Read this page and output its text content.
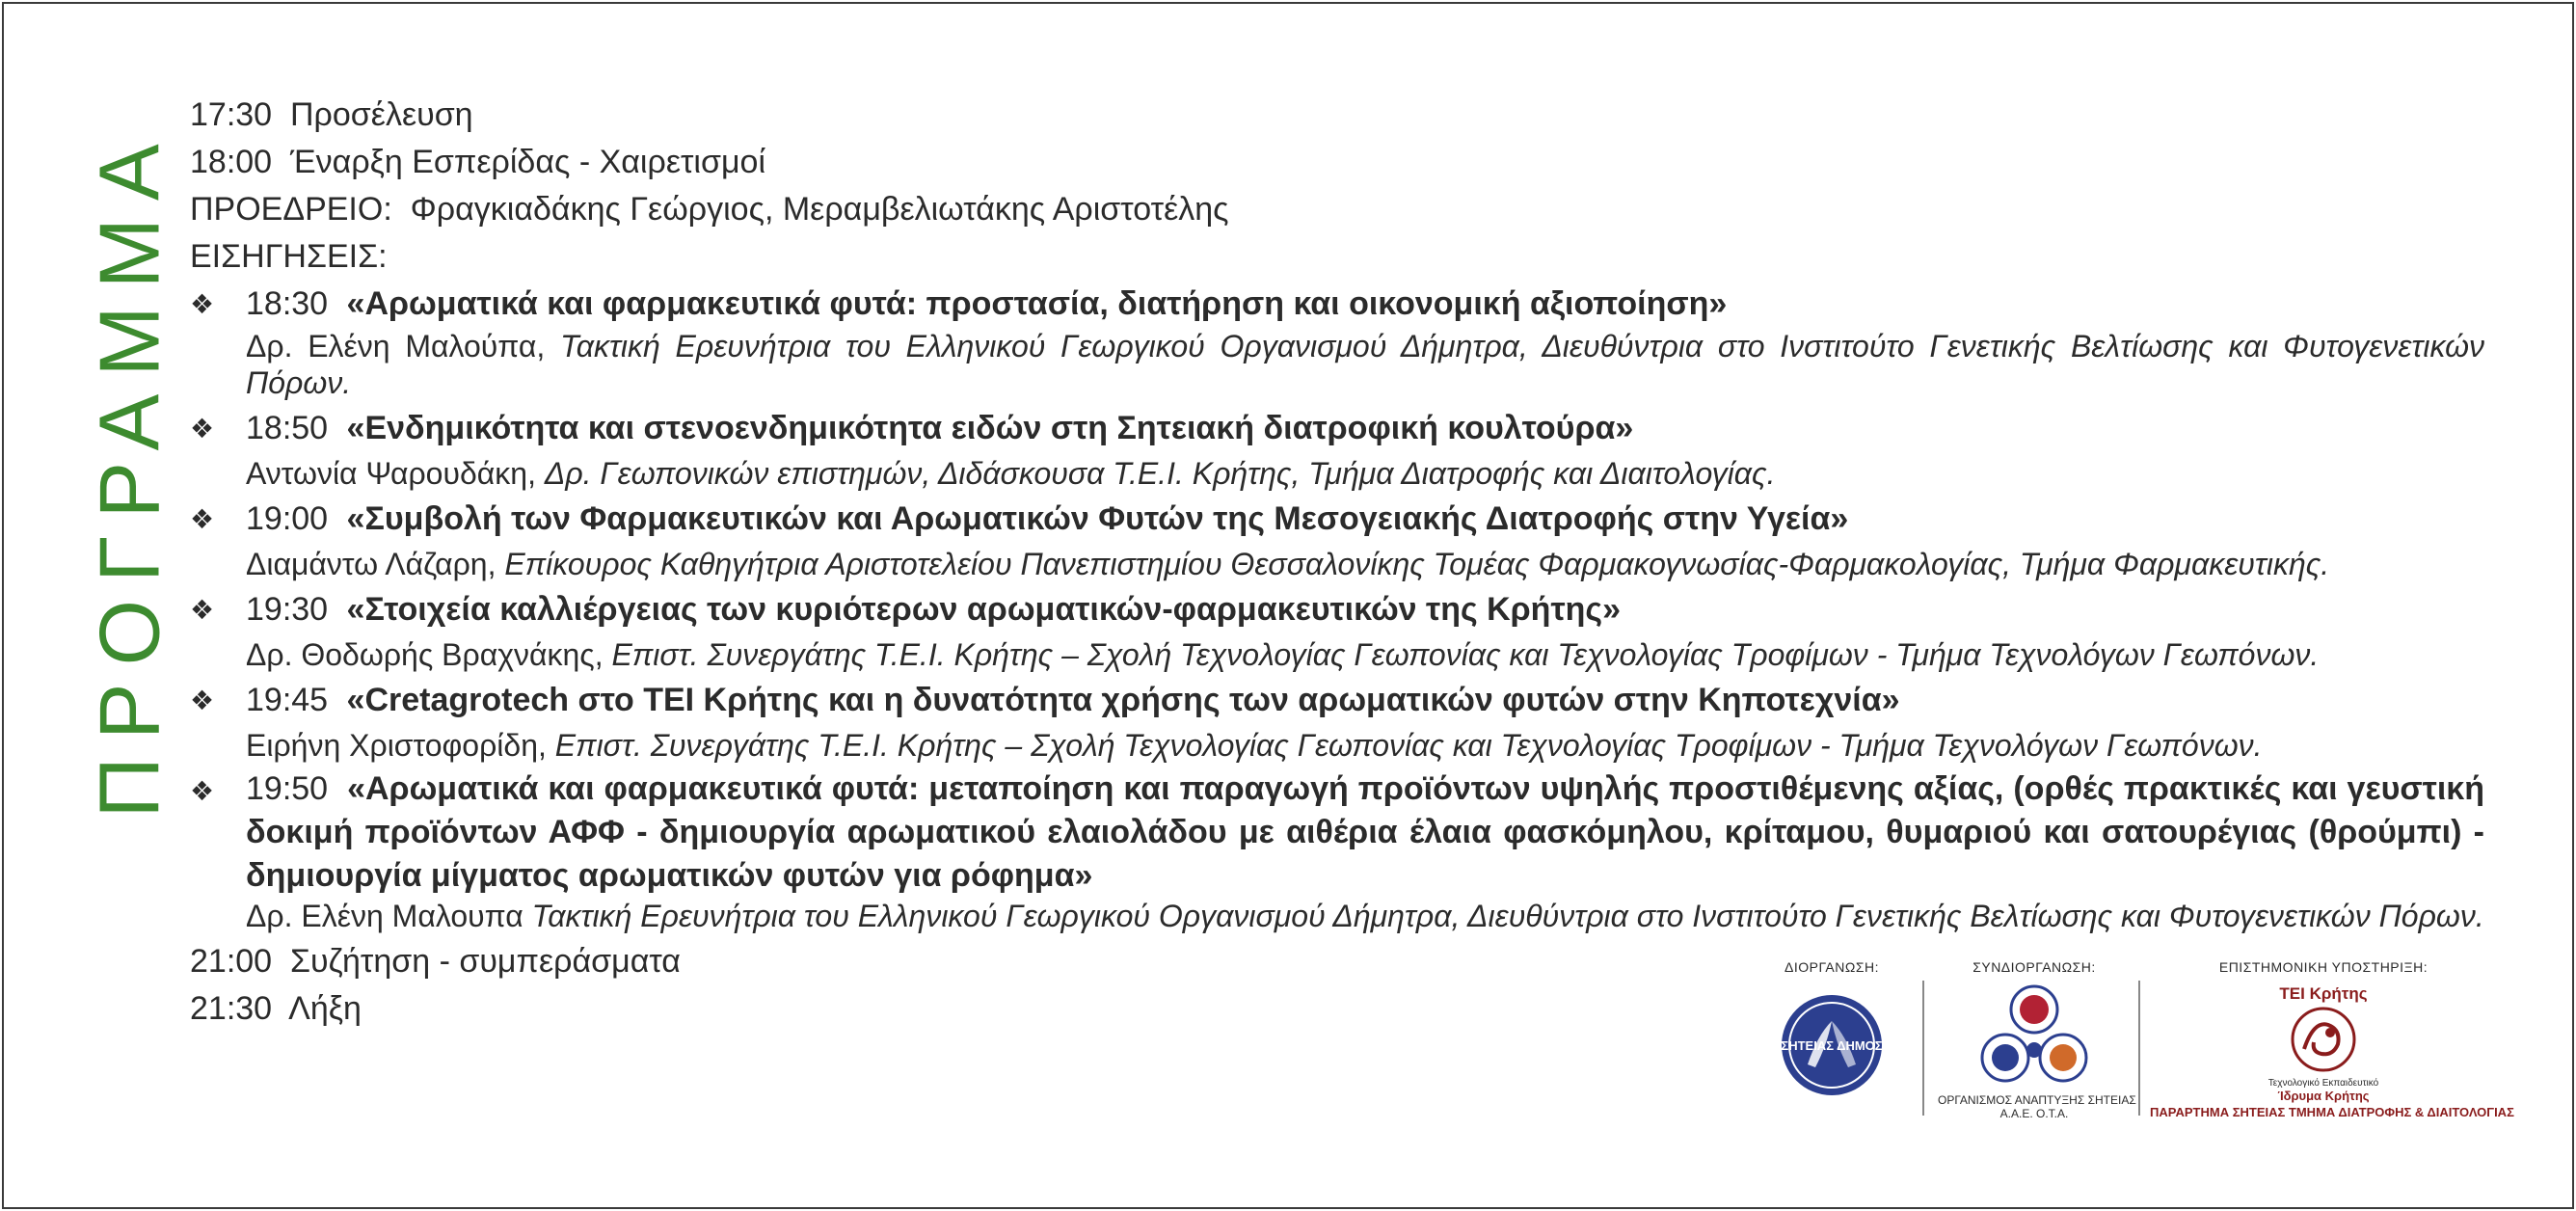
ΠΡΟΓΡΑΜΜΑ
17:30 Προσέλευση
18:00 Έναρξη Εσπερίδας - Χαιρετισμοί
ΠΡΟΕΔΡΕΙΟ: Φραγκιαδάκης Γεώργιος, Μεραμβελιωτάκης Αριστοτέλης
ΕΙΣΗΓΗΣΕΙΣ:
❖ 18:30 «Αρωματικά και φαρμακευτικά φυτά: προστασία, διατήρηση και οικονομική αξιοποίηση»
Δρ. Ελένη Μαλούπα, Τακτική Ερευνήτρια του Ελληνικού Γεωργικού Οργανισμού Δήμητρα, Διευθύντρια στο Ινστιτούτο Γενετικής Βελτίωσης και Φυτογενετικών Πόρων.
❖ 18:50 «Ενδημικότητα και στενοενδημικότητα ειδών στη Σητειακή διατροφική κουλτούρα»
Αντωνία Ψαρουδάκη, Δρ. Γεωπονικών επιστημών, Διδάσκουσα Τ.Ε.Ι. Κρήτης, Τμήμα Διατροφής και Διαιτολογίας.
❖ 19:00 «Συμβολή των Φαρμακευτικών και Αρωματικών Φυτών της Μεσογειακής Διατροφής στην Υγεία»
Διαμάντω Λάζαρη, Επίκουρος Καθηγήτρια Αριστοτελείου Πανεπιστημίου Θεσσαλονίκης Τομέας Φαρμακογνωσίας-Φαρμακολογίας, Τμήμα Φαρμακευτικής.
❖ 19:30 «Στοιχεία καλλιέργειας των κυριότερων αρωματικών-φαρμακευτικών της Κρήτης»
Δρ. Θοδωρής Βραχνάκης, Επιστ. Συνεργάτης Τ.Ε.Ι. Κρήτης – Σχολή Τεχνολογίας Γεωπονίας και Τεχνολογίας Τροφίμων - Τμήμα Τεχνολόγων Γεωπόνων.
❖ 19:45 «Cretagrotech στο ΤΕΙ Κρήτης και η δυνατότητα χρήσης των αρωματικών φυτών στην Κηποτεχνία»
Ειρήνη Χριστοφορίδη, Επιστ. Συνεργάτης Τ.Ε.Ι. Κρήτης – Σχολή Τεχνολογίας Γεωπονίας και Τεχνολογίας Τροφίμων - Τμήμα Τεχνολόγων Γεωπόνων.
❖ 19:50 «Αρωματικά και φαρμακευτικά φυτά: μεταποίηση και παραγωγή προϊόντων υψηλής προστιθέμενης αξίας, (ορθές πρακτικές και γευστική δοκιμή προϊόντων ΑΦΦ - δημιουργία αρωματικού ελαιολάδου με αιθέρια έλαια φασκόμηλου, κρίταμου, θυμαριού και σατουρέγιας (θρούμπι) - δημιουργία μίγματος αρωματικών φυτών για ρόφημα»
Δρ. Ελένη Μαλουπα Τακτική Ερευνήτρια του Ελληνικού Γεωργικού Οργανισμού Δήμητρα, Διευθύντρια στο Ινστιτούτο Γενετικής Βελτίωσης και Φυτογενετικών Πόρων.
21:00 Συζήτηση - συμπεράσματα
21:30 Λήξη
ΔΙΟΡΓΑΝΩΣΗ:
ΣΗΤΕΙΑΣ ΔΗΜΟΣ
ΣΥΝΔΙΟΡΓΑΝΩΣΗ:
ΟΡΓΑΝΙΣΜΟΣ ΑΝΑΠΤΥΞΗΣ ΣΗΤΕΙΑΣ
Α.Α.Ε. Ο.Τ.Α.
ΕΠΙΣΤΗΜΟΝΙΚΗ ΥΠΟΣΤΗΡΙΞΗ:
ΤΕΙ Κρήτης
Τεχνολογικό Εκπαιδευτικό
Ίδρυμα Κρήτης
ΠΑΡΑΡΤΗΜΑ ΣΗΤΕΙΑΣ ΤΜΗΜΑ ΔΙΑΤΡΟΦΗΣ & ΔΙΑΙΤΟΛΟΓΙΑΣ
